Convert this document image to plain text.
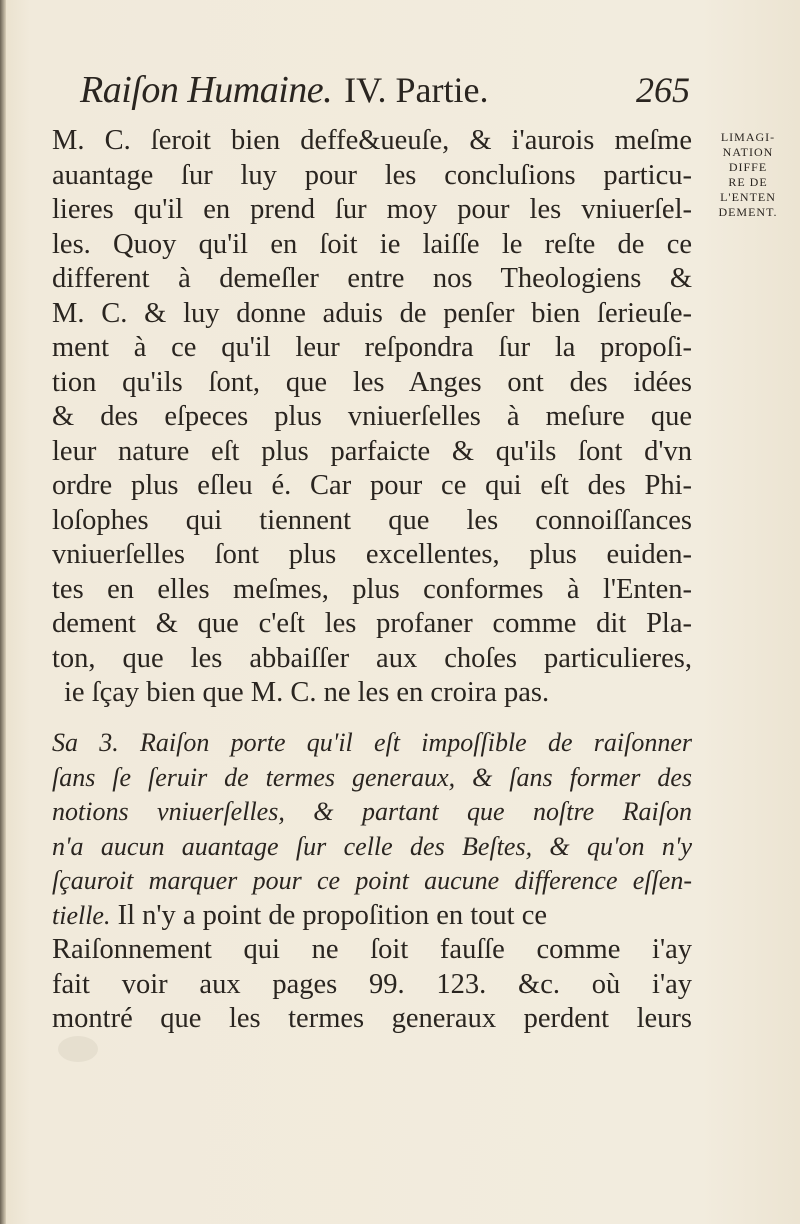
Raiſon Humaine. IV. Partie.	265
LIMAGI-
NATION
DIFFE
RE DE
L'ENTEN
DEMENT.
M. C. ſeroit bien deffe&ueuſe, & i'aurois meſme
auantage ſur luy pour les concluſions particu-
lieres qu'il en prend ſur moy pour les vniuerſel-
les. Quoy qu'il en ſoit ie laiſſe le reſte de ce
different à demeſler entre nos Theologiens &
M. C. & luy donne aduis de penſer bien ſerieuſe-
ment à ce qu'il leur reſpondra ſur la propoſi-
tion qu'ils ſont, que les Anges ont des idées
& des eſpeces plus vniuerſelles à meſure que
leur nature eſt plus parfaicte & qu'ils ſont d'vn
ordre plus eſleu é. Car pour ce qui eſt des Phi-
loſophes qui tiennent que les connoiſſances
vniuerſelles ſont plus excellentes, plus euiden-
tes en elles meſmes, plus conformes à l'Enten-
dement & que c'eſt les profaner comme dit Pla-
ton, que les abbaiſſer aux choſes particulieres,
ie ſçay bien que M. C. ne les en croira pas.
Sa 3. Raiſon porte qu'il eſt impoſſible de raiſonner
ſans ſe ſeruir de termes generaux, & ſans former des
notions vniuerſelles, & partant que noſtre Raiſon
n'a aucun auantage ſur celle des Beſtes, & qu'on n'y
ſçauroit marquer pour ce point aucune difference eſſen-
tielle. Il n'y a point de propoſition en tout ce
Raiſonnement qui ne ſoit fauſſe comme i'ay
fait voir aux pages 99. 123. &c. où i'ay
montré que les termes generaux perdent leurs
